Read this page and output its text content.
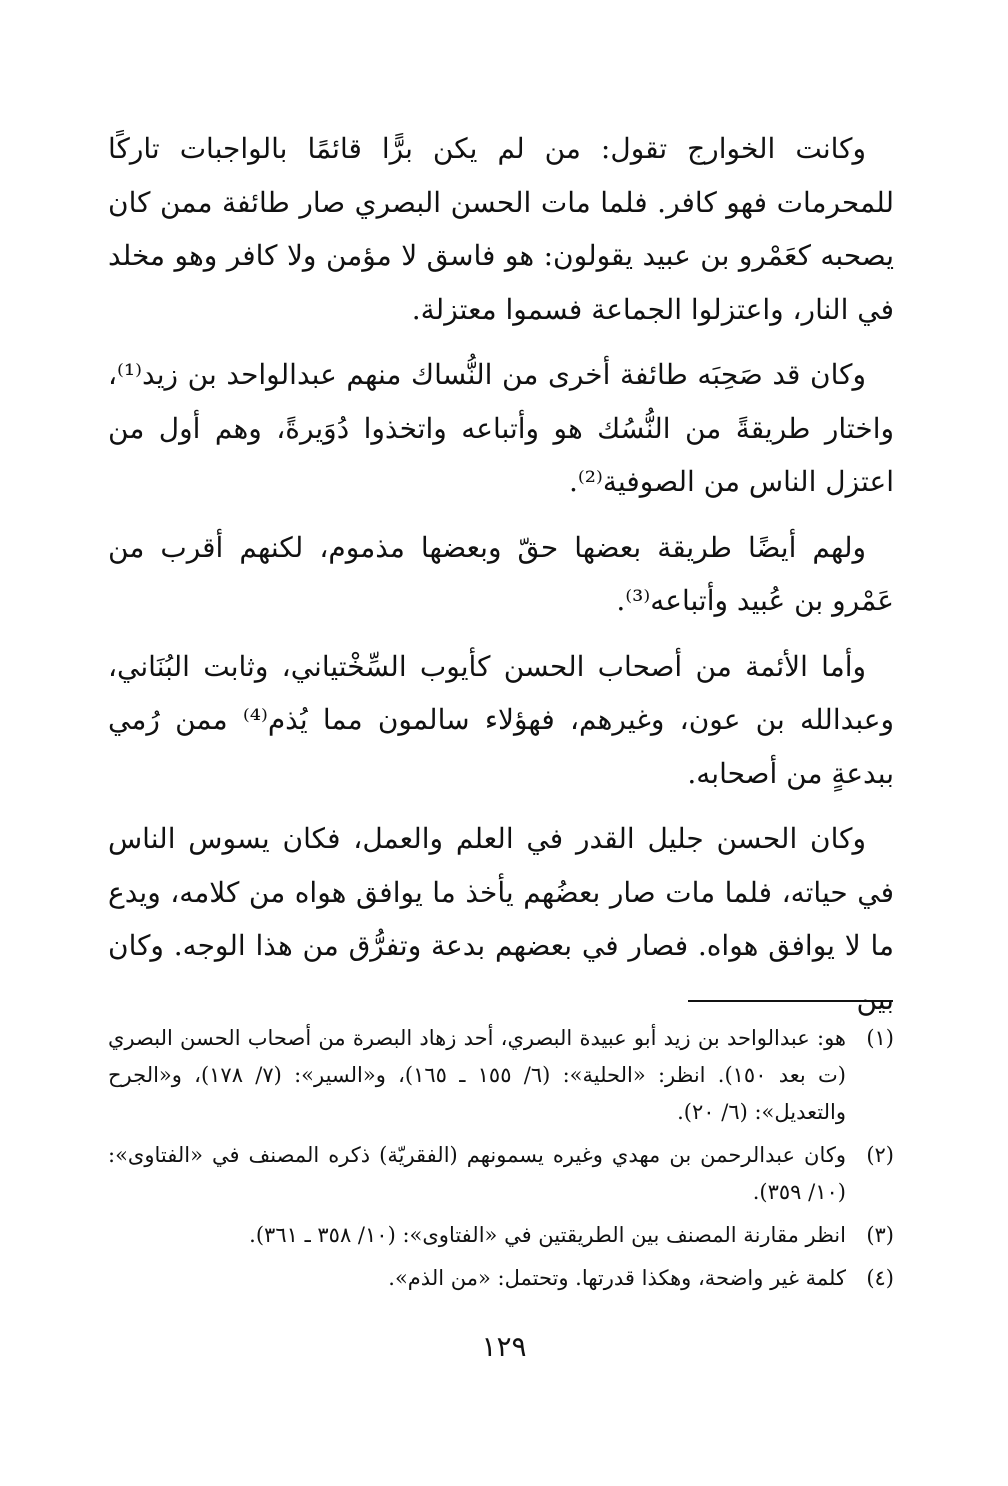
وكانت الخوارج تقول: من لم يكن برًّا قائمًا بالواجبات تاركًا للمحرمات فهو كافر. فلما مات الحسن البصري صار طائفة ممن كان يصحبه كعَمْرو بن عبيد يقولون: هو فاسق لا مؤمن ولا كافر وهو مخلد في النار، واعتزلوا الجماعة فسموا معتزلة.

وكان قد صَحِبَه طائفة أخرى من النُّساك منهم عبدالواحد بن زيد⁽¹⁾، واختار طريقةً من النُّسُك هو وأتباعه واتخذوا دُوَيرةً، وهم أول من اعتزل الناس من الصوفية⁽²⁾.

ولهم أيضًا طريقة بعضها حقّ وبعضها مذموم، لكنهم أقرب من عَمْرو بن عُبيد وأتباعه⁽³⁾.

وأما الأئمة من أصحاب الحسن كأيوب السِّخْتياني، وثابت البُنَاني، وعبدالله بن عون، وغيرهم، فهؤلاء سالمون مما يُذم⁽⁴⁾ ممن رُمي ببدعةٍ من أصحابه.

وكان الحسن جليل القدر في العلم والعمل، فكان يسوس الناس في حياته، فلما مات صار بعضُهم يأخذ ما يوافق هواه من كلامه، ويدع ما لا يوافق هواه. فصار في بعضهم بدعة وتفرُّق من هذا الوجه. وكان بين

(١)
هو: عبدالواحد بن زيد أبو عبيدة البصري، أحد زهاد البصرة من أصحاب الحسن البصري (ت بعد ١٥٠). انظر: «الحلية»: (٦/ ١٥٥ ـ ١٦٥)، و«السير»: (٧/ ١٧٨)، و«الجرح والتعديل»: (٦/ ٢٠).
(٢)
وكان عبدالرحمن بن مهدي وغيره يسمونهم (الفقريّة) ذكره المصنف في «الفتاوى»: (١٠/ ٣٥٩).
(٣)
انظر مقارنة المصنف بين الطريقتين في «الفتاوى»: (١٠/ ٣٥٨ ـ ٣٦١).
(٤)
كلمة غير واضحة، وهكذا قدرتها. وتحتمل: «من الذم».
١٢٩
